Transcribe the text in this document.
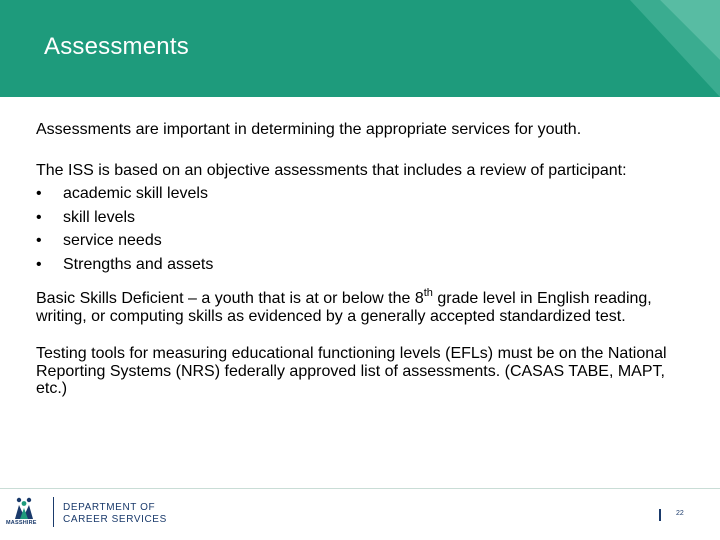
Assessments

Assessments are important in determining the appropriate services for youth.

The ISS is based on an objective assessments that includes a review of participant:

•	academic skill levels
•	skill levels
•	service needs
•	Strengths and assets

Basic Skills Deficient – a youth that is at or below the 8th grade level in English reading, writing, or computing skills as evidenced by a generally accepted standardized test.

Testing tools for measuring educational functioning levels (EFLs) must be on the National Reporting Systems (NRS) federally approved list of assessments. (CASAS TABE, MAPT, etc.)

MASSHIRE
DEPARTMENT OF
CAREER SERVICES
22
